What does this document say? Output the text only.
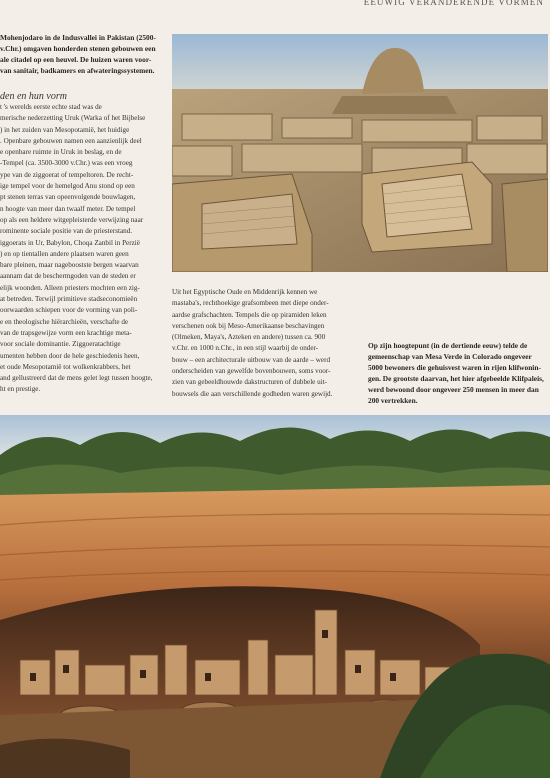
EEUWIG VERANDERENDE VORMEN

Mohenjodaro in de Indusvallei in Pakistan (2500-

v.Chr.) omgaven honderden stenen gebouwen een

ale citadel op een heuvel. De huizen waren voor-

van sanitair, badkamers en afwateringssystemen.

den en hun vorm

t 's werelds eerste echte stad was de

merische nederzetting Uruk (Warka of het Bijbelse

) in het zuiden van Mesopotamië, het huidige

. Openbare gebouwen namen een aanzienlijk deel

e openbare ruimte in Uruk in beslag, en de

-Tempel (ca. 3500-3000 v.Chr.) was een vroeg

ype van de ziggoerat of tempeltoren. De recht-

ige tempel voor de hemelgod Anu stond op een

pt stenen terras van opeenvolgende bouwlagen,

n hoogte van meer dan twaalf meter. De tempel

op als een heldere witgepleisterde verwijzing naar

rominente sociale positie van de priesterstand.

iggoerats in Ur, Babylon, Choqa Zanbil in Perzië

) en op tientallen andere plaatsen waren geen

bare pleinen, maar nageboostste bergen waarvan

aannam dat de beschermgoden van de steden er

elijk woonden. Alleen priesters mochten een zig-

at betreden. Terwijl primitieve stadseconomieën

oorwaarden schiepen voor de vorming van poli-

e en theologische hiërarchieën, verschafte de

van de trapsgewijze vorm een krachtige meta-

voor sociale dominantie. Ziggoeratachtige

umenten hebben door de hele geschiedenis heen,

et oude Mesopotamië tot wolkenkrabbers, het

and gellustreerd dat de mens gelet legt tussen hoogte,

ht en prestige.

Uit het Egyptische Oude en Middenrijk kennen we

mastaba's, rechthoekige grafsombeen met diepe onder-

aardse grafschachten. Tempels die op piramiden leken

verschenen ook bij Meso-Amerikaanse beschavingen

(Olmeken, Maya's, Azteken en andere) tussen ca. 900

v.Chr. en 1000 n.Chr., in een stijl waarbij de onder-

bouw – een architecturale uitbouw van de aarde – werd

onderscheiden van gewelfde bovenbouwen, soms voor-

zien van gebeeldhouwde dakstructuren of dubbele uit-

bouwsels die aan verschillende godheden waren gewijd.

Op zijn hoogtepunt (in de dertiende eeuw) telde de

gemeenschap van Mesa Verde in Colorado ongeveer

5000 bewoners die gehuisvest waren in rijen klifwonin-

gen. De grootste daarvan, het hier afgebeelde Klifpaleis,

werd bewoond door ongeveer 250 mensen in meer dan

200 vertrekken.
